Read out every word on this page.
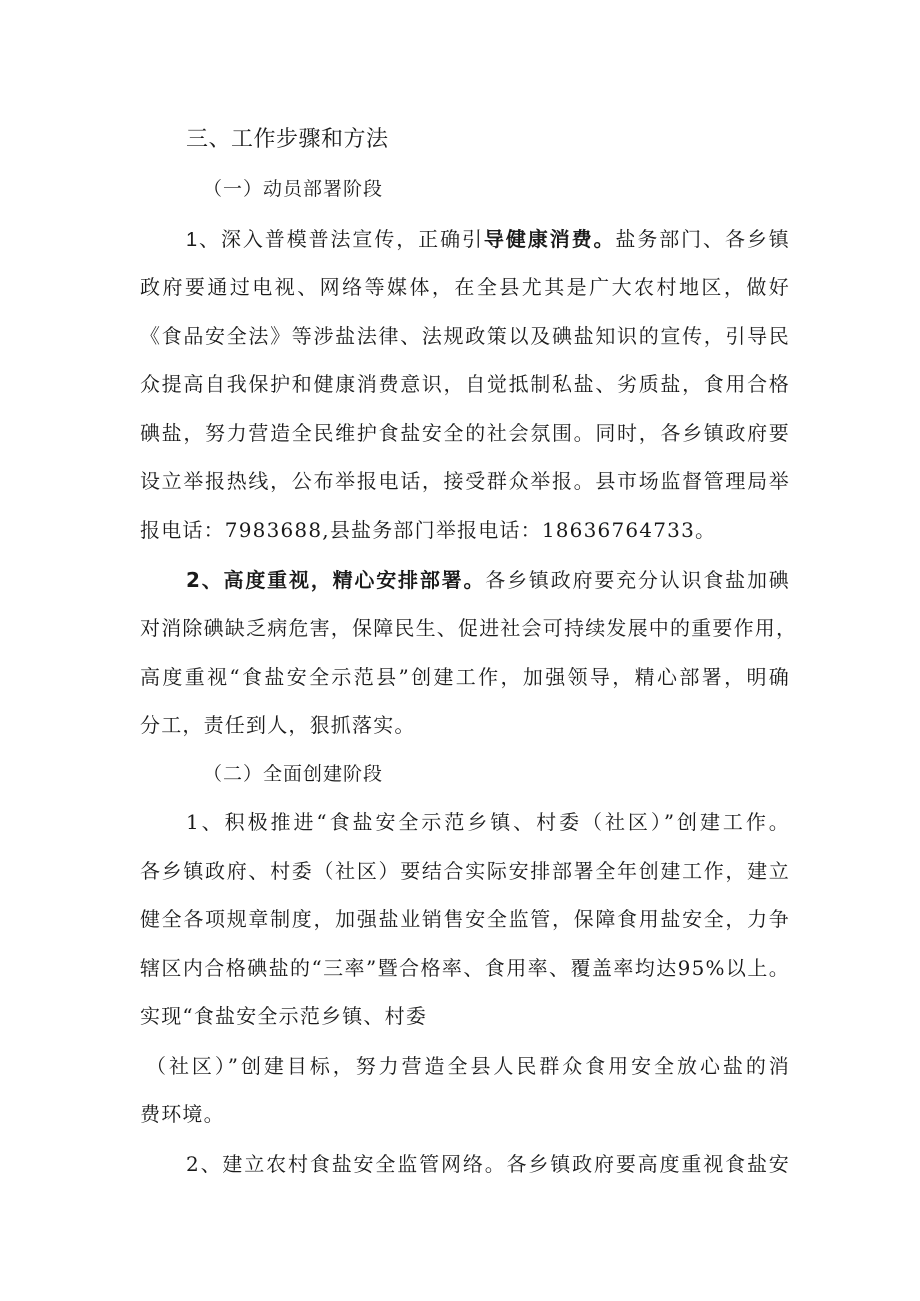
三、工作步骤和方法
（一）动员部署阶段
1、深入普模普法宣传，正确引导健康消费。盐务部门、各乡镇
政府要通过电视、网络等媒体，在全县尤其是广大农村地区，做好
《食品安全法》等涉盐法律、法规政策以及碘盐知识的宣传，引导民
众提高自我保护和健康消费意识，自觉抵制私盐、劣质盐，食用合格
碘盐，努力营造全民维护食盐安全的社会氛围。同时，各乡镇政府要
设立举报热线，公布举报电话，接受群众举报。县市场监督管理局举
报电话：7983688,县盐务部门举报电话：18636764733。
2、高度重视，精心安排部署。各乡镇政府要充分认识食盐加碘
对消除碘缺乏病危害，保障民生、促进社会可持续发展中的重要作用，
高度重视“食盐安全示范县”创建工作，加强领导，精心部署，明确
分工，责任到人，狠抓落实。
（二）全面创建阶段
1、积极推进“食盐安全示范乡镇、村委（社区）”创建工作。
各乡镇政府、村委（社区）要结合实际安排部署全年创建工作，建立
健全各项规章制度，加强盐业销售安全监管，保障食用盐安全，力争
辖区内合格碘盐的“三率”暨合格率、食用率、覆盖率均达95%以上。
实现“食盐安全示范乡镇、村委
（社区）”创建目标，努力营造全县人民群众食用安全放心盐的消
费环境。
2、建立农村食盐安全监管网络。各乡镇政府要高度重视食盐安
